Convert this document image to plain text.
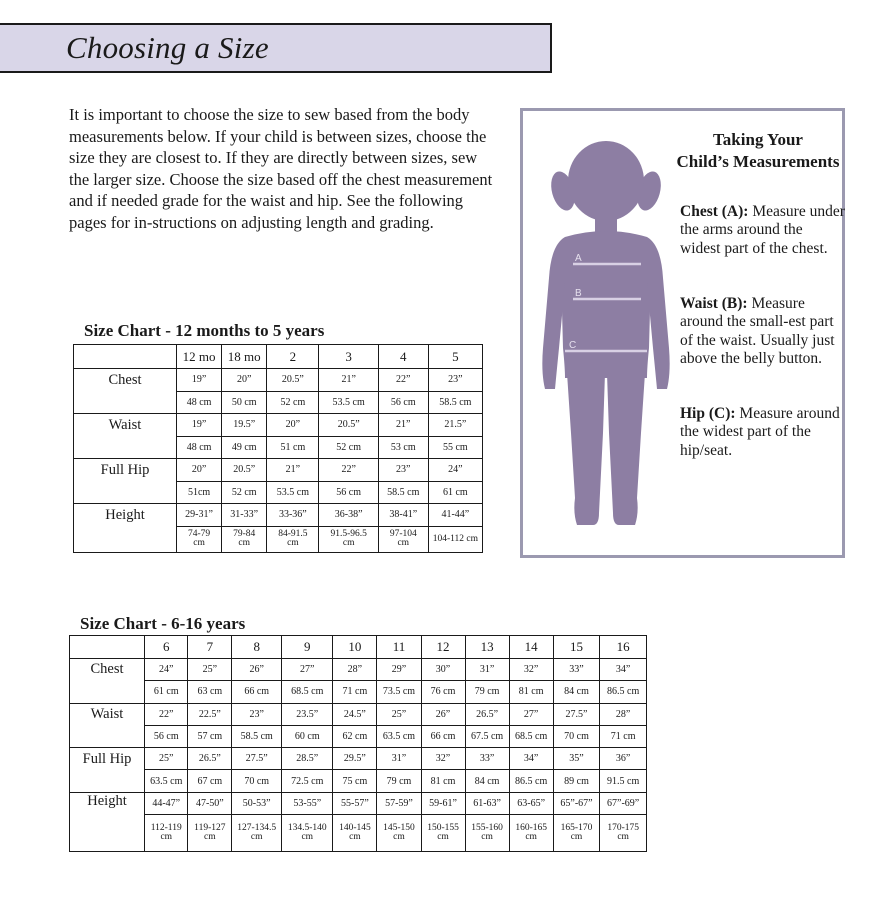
Choosing a Size

It is important to choose the size to sew based from the body measurements below. If your child is between sizes, choose the size they are closest to. If they are directly between sizes, sew the larger size. Choose the size based off the chest measurement and if needed grade for the waist and hip. See the following pages for in-structions on adjusting length and grading.

A
B
C
Taking Your
Child’s Measurements
Chest (A): Measure under the arms around the widest part of the chest.
Waist (B): Measure around the small-est part of the waist. Usually just above the belly button.
Hip (C): Measure around the widest part of the hip/seat.
Size Chart - 12 months to 5 years
	12 mo	18 mo	2	3	4	5
Chest	19”	20”	20.5”	21”	22”	23”
	48 cm	50 cm	52 cm	53.5 cm	56 cm	58.5 cm
Waist	19”	19.5”	20”	20.5”	21”	21.5”
	48 cm	49 cm	51 cm	52 cm	53 cm	55 cm
Full Hip	20”	20.5”	21”	22”	23”	24”
	51cm	52 cm	53.5 cm	56 cm	58.5 cm	61 cm
Height	29-31”	31-33”	33-36”	36-38”	38-41”	41-44”
	74-79 cm	79-84 cm	84-91.5 cm	91.5-96.5 cm	97-104 cm	104-112 cm
Size Chart - 6-16 years
	6	7	8	9	10	11	12	13	14	15	16
Chest	24”	25”	26”	27”	28”	29”	30”	31”	32”	33”	34”
	61 cm	63 cm	66 cm	68.5 cm	71 cm	73.5 cm	76 cm	79 cm	81 cm	84 cm	86.5 cm
Waist	22”	22.5”	23”	23.5”	24.5”	25”	26”	26.5”	27”	27.5”	28”
	56 cm	57 cm	58.5 cm	60 cm	62 cm	63.5 cm	66 cm	67.5 cm	68.5 cm	70 cm	71 cm
Full Hip	25”	26.5”	27.5”	28.5”	29.5”	31”	32”	33”	34”	35”	36”
	63.5 cm	67 cm	70 cm	72.5 cm	75 cm	79 cm	81 cm	84 cm	86.5 cm	89 cm	91.5 cm
Height	44-47”	47-50”	50-53”	53-55”	55-57”	57-59”	59-61”	61-63”	63-65”	65”-67”	67”-69”
	112-119 cm	119-127 cm	127-134.5 cm	134.5-140 cm	140-145 cm	145-150 cm	150-155 cm	155-160 cm	160-165 cm	165-170 cm	170-175 cm
